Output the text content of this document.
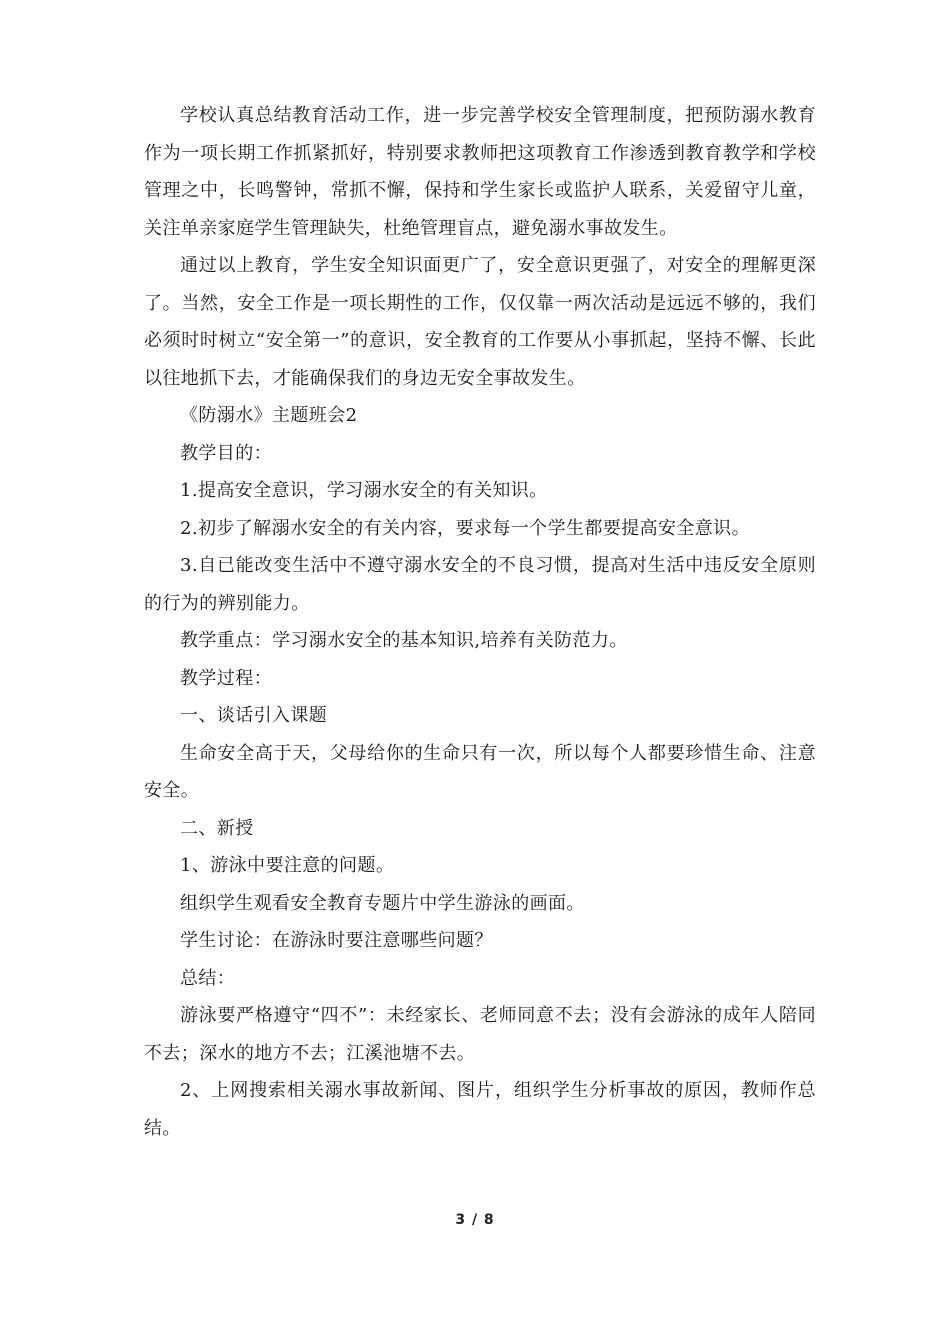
学校认真总结教育活动工作，进一步完善学校安全管理制度，把预防溺水教育作为一项长期工作抓紧抓好，特别要求教师把这项教育工作渗透到教育教学和学校管理之中，长鸣警钟，常抓不懈，保持和学生家长或监护人联系，关爱留守儿童，关注单亲家庭学生管理缺失，杜绝管理盲点，避免溺水事故发生。

通过以上教育，学生安全知识面更广了，安全意识更强了，对安全的理解更深了。当然，安全工作是一项长期性的工作，仅仅靠一两次活动是远远不够的，我们必须时时树立“安全第一”的意识，安全教育的工作要从小事抓起，坚持不懈、长此以往地抓下去，才能确保我们的身边无安全事故发生。

《防溺水》主题班会2

教学目的：

1.提高安全意识，学习溺水安全的有关知识。

2.初步了解溺水安全的有关内容，要求每一个学生都要提高安全意识。

3.自已能改变生活中不遵守溺水安全的不良习惯，提高对生活中违反安全原则的行为的辨别能力。

教学重点：学习溺水安全的基本知识,培养有关防范力。

教学过程：

一、谈话引入课题

生命安全高于天，父母给你的生命只有一次，所以每个人都要珍惜生命、注意安全。

二、新授

1、游泳中要注意的问题。

组织学生观看安全教育专题片中学生游泳的画面。

学生讨论：在游泳时要注意哪些问题？

总结：

游泳要严格遵守“四不”：未经家长、老师同意不去；没有会游泳的成年人陪同不去；深水的地方不去；江溪池塘不去。

2、上网搜索相关溺水事故新闻、图片，组织学生分析事故的原因，教师作总结。

3 / 8
